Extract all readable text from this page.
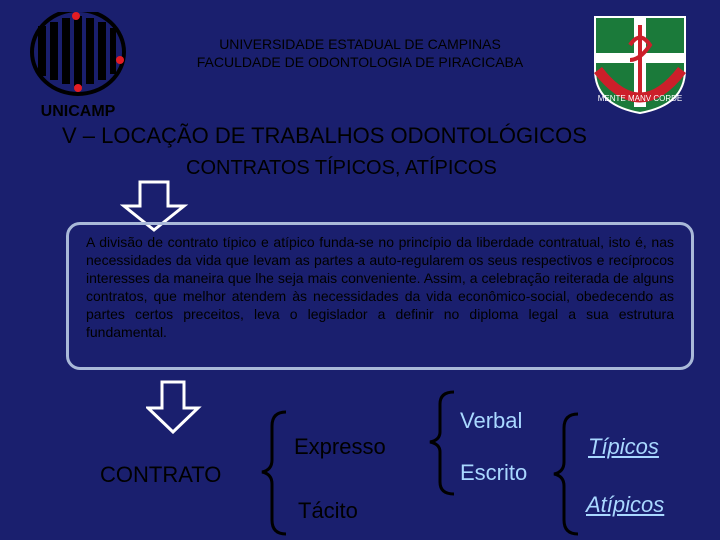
UNIVERSIDADE ESTADUAL DE CAMPINAS
FACULDADE DE ODONTOLOGIA DE PIRACICABA
UNICAMP
MENTE MANV CORDE
V – LOCAÇÃO DE TRABALHOS ODONTOLÓGICOS
CONTRATOS TÍPICOS, ATÍPICOS
A divisão de contrato típico e atípico funda-se no princípio da liberdade contratual, isto é, nas necessidades da vida que levam as partes a auto-regularem os seus respectivos e recíprocos interesses da maneira que lhe seja mais conveniente. Assim, a celebração reiterada de alguns contratos, que melhor atendem às necessidades da vida econômico-social, obedecendo as partes certos preceitos, leva o legislador a definir no diploma legal a sua estrutura fundamental.
CONTRATO
Expresso
Tácito
Verbal
Escrito
Típicos
Atípicos
